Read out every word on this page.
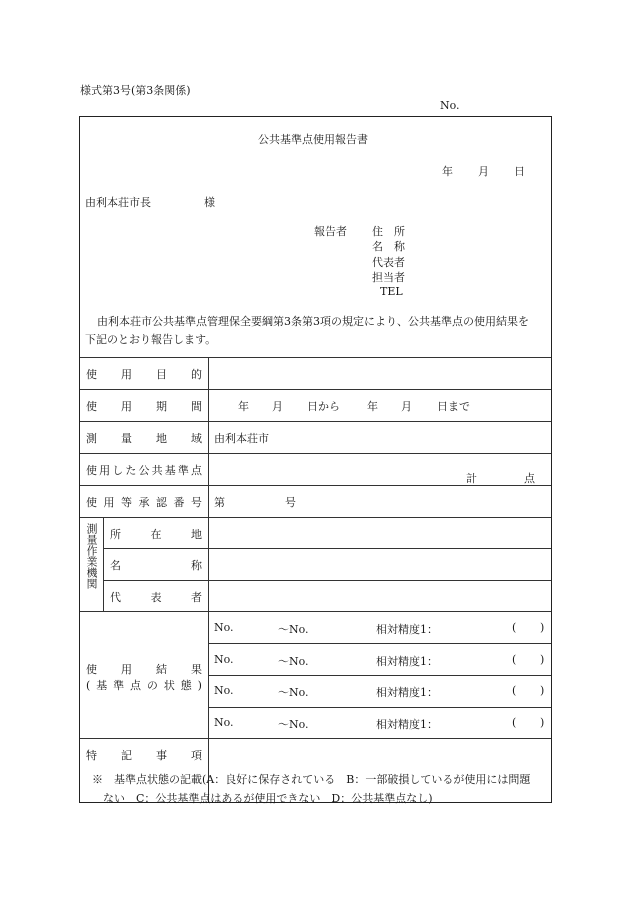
様式第3号(第3条関係)
No.
公共基準点使用報告書
年 月 日
由利本荘市長	様
報告者 住　所
名　称
代表者
担当者
TEL
由利本荘市公共基準点管理保全要綱第3条第3項の規定により、公共基準点の使用結果を
下記のとおり報告します。
使 用 目 的
使 用 期 間	年 月 日から 年 月 日まで
測 量 地 域 由利本荘市
使 用 し た 公 共 基 準 点
計	点
使 用 等 承 認 番 号 第	号
測量作業機関 所	在	地
名	称
代	表	者
使 用 結 果
( 基 準 点 の 状 態 )
No.	～No.	相対精度1：	( )
No.	～No.	相対精度1：	( )
No.	～No.	相対精度1：	( )
No.	～No.	相対精度1：	( )
特 記 事 項
※　基準点状態の記載(A：良好に保存されている　B：一部破損しているが使用には問題
ない　C：公共基準点はあるが使用できない　D：公共基準点なし)
